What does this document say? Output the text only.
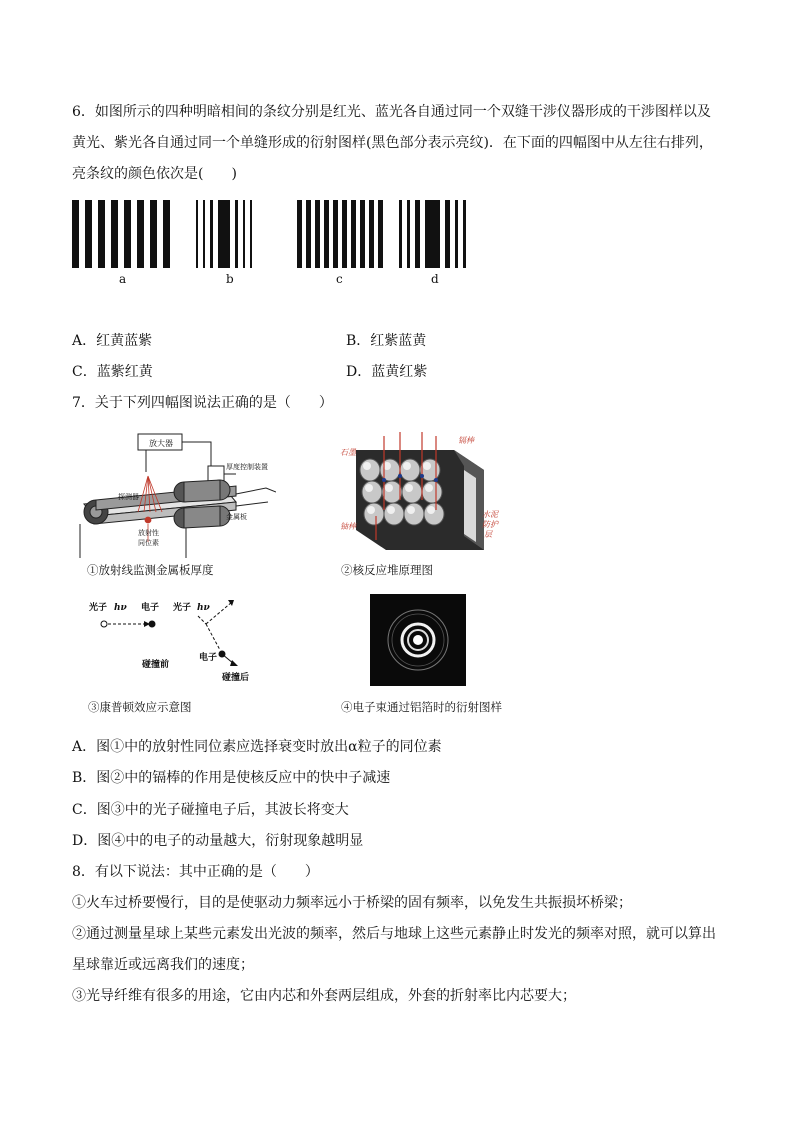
6．如图所示的四种明暗相间的条纹分别是红光、蓝光各自通过同一个双缝干涉仪器形成的干涉图样以及
黄光、紫光各自通过同一个单缝形成的衍射图样(黑色部分表示亮纹)．在下面的四幅图中从左往右排列，
亮条纹的颜色依次是(　　)
a	b	c	d
A．红黄蓝紫	B．红紫蓝黄
C．蓝紫红黄	D．蓝黄红紫
7．关于下列四幅图说法正确的是（　　）
放大器
厚度控制装置
探测器
金属板
放射性
同位素
①放射线监测金属板厚度
石墨
镉棒
铀棒
水泥
防护
层
②核反应堆原理图
光子 hν 电子 光子 hν
电子
碰撞前
碰撞后
③康普顿效应示意图	④电子束通过铝箔时的衍射图样
A．图①中的放射性同位素应选择衰变时放出α粒子的同位素
B．图②中的镉棒的作用是使核反应中的快中子减速
C．图③中的光子碰撞电子后，其波长将变大
D．图④中的电子的动量越大，衍射现象越明显
8．有以下说法：其中正确的是（　　）
①火车过桥要慢行，目的是使驱动力频率远小于桥梁的固有频率，以免发生共振损坏桥梁；
②通过测量星球上某些元素发出光波的频率，然后与地球上这些元素静止时发光的频率对照，就可以算出
星球靠近或远离我们的速度；
③光导纤维有很多的用途，它由内芯和外套两层组成，外套的折射率比内芯要大；
